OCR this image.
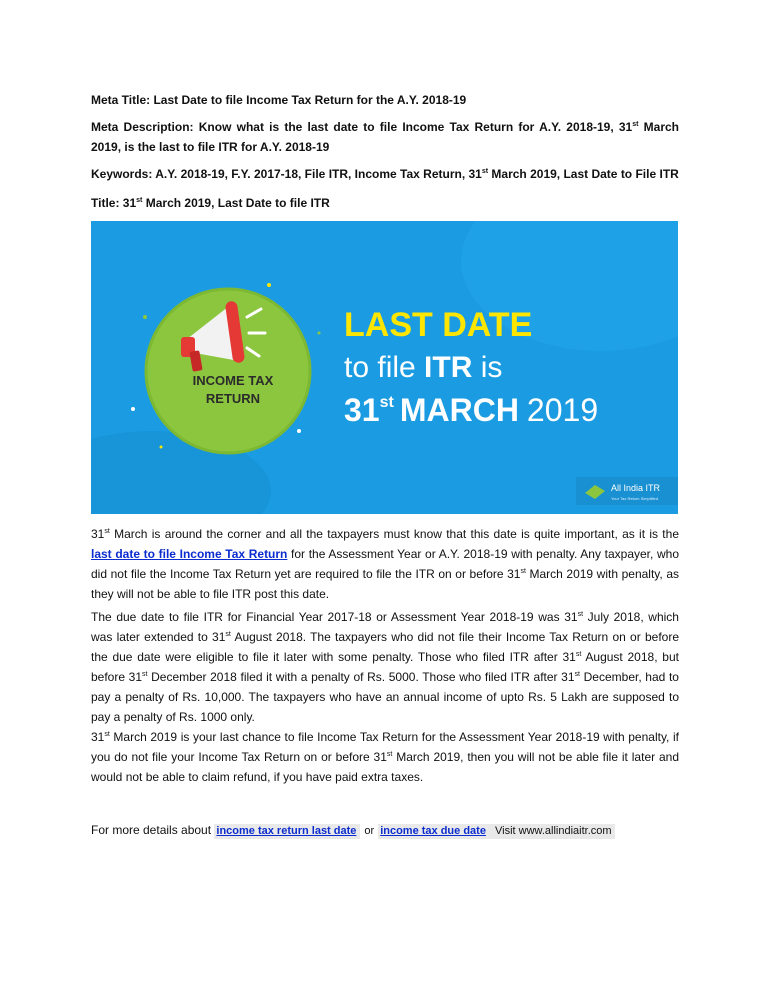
Meta Title: Last Date to file Income Tax Return for the A.Y. 2018-19

Meta Description: Know what is the last date to file Income Tax Return for A.Y. 2018-19, 31st March 2019, is the last to file ITR for A.Y. 2018-19

Keywords: A.Y. 2018-19, F.Y. 2017-18, File ITR, Income Tax Return, 31st March 2019, Last Date to File ITR

Title: 31st March 2019, Last Date to file ITR

INCOME TAX
RETURN
LAST DATE
to file ITR is
31st MARCH 2019
All India ITR
Your Tax Return Simplified

31st March is around the corner and all the taxpayers must know that this date is quite important, as it is the last date to file Income Tax Return for the Assessment Year or A.Y. 2018-19 with penalty. Any taxpayer, who did not file the Income Tax Return yet are required to file the ITR on or before 31st March 2019 with penalty, as they will not be able to file ITR post this date.

The due date to file ITR for Financial Year 2017-18 or Assessment Year 2018-19 was 31st July 2018, which was later extended to 31st August 2018. The taxpayers who did not file their Income Tax Return on or before the due date were eligible to file it later with some penalty. Those who filed ITR after 31st August 2018, but before 31st December 2018 filed it with a penalty of Rs. 5000. Those who filed ITR after 31st December, had to pay a penalty of Rs. 10,000. The taxpayers who have an annual income of upto Rs. 5 Lakh are supposed to pay a penalty of Rs. 1000 only.

31st March 2019 is your last chance to file Income Tax Return for the Assessment Year 2018-19 with penalty, if you do not file your Income Tax Return on or before 31st March 2019, then you will not be able file it later and would not be able to claim refund, if you have paid extra taxes.

For more details about income tax return last date or income tax due date Visit www.allindiaitr.com
